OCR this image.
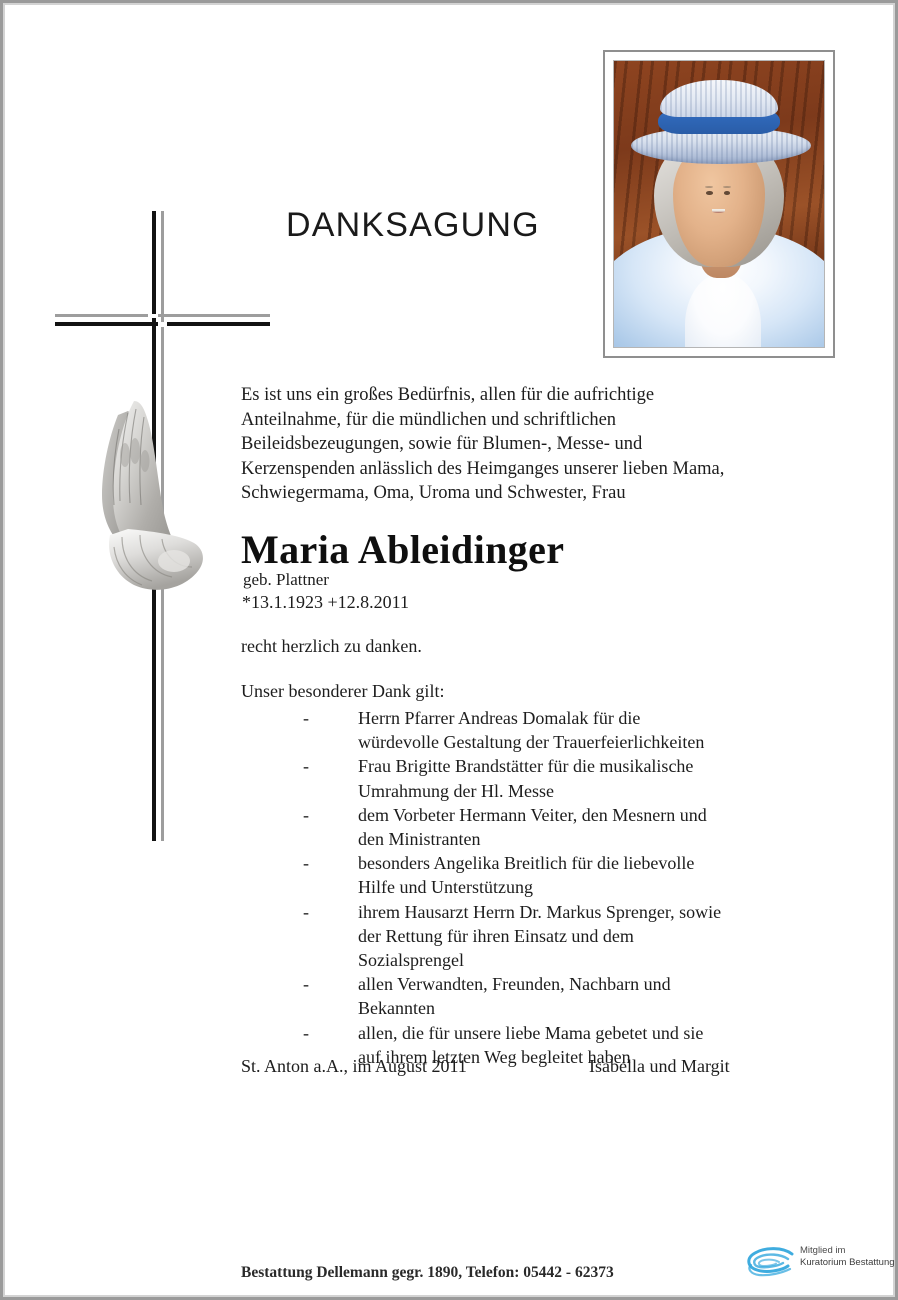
DANKSAGUNG
Es ist uns ein großes Bedürfnis, allen für die aufrichtige
Anteilnahme, für die mündlichen und schriftlichen
Beileidsbezeugungen, sowie für Blumen-, Messe- und
Kerzenspenden anlässlich des Heimganges unserer lieben Mama,
Schwiegermama, Oma, Uroma und Schwester, Frau
Maria Ableidinger
geb. Plattner
*13.1.1923 +12.8.2011
recht herzlich zu danken.
Unser besonderer Dank gilt:
-	Herrn Pfarrer Andreas Domalak für die
würdevolle Gestaltung der Trauerfeierlichkeiten
-	Frau Brigitte Brandstätter für die musikalische
Umrahmung der Hl. Messe
-	dem Vorbeter Hermann Veiter, den Mesnern und
den Ministranten
-	besonders Angelika Breitlich für die liebevolle
Hilfe und Unterstützung
-	ihrem Hausarzt Herrn Dr. Markus Sprenger, sowie
der Rettung für ihren Einsatz und dem
Sozialsprengel
-	allen Verwandten, Freunden, Nachbarn und
Bekannten
-	allen, die für unsere liebe Mama gebetet und sie
auf ihrem letzten Weg begleitet haben
St. Anton a.A., im August 2011	Isabella und Margit
Bestattung Dellemann gegr. 1890, Telefon: 05442 - 62373
Mitglied im
Kuratorium Bestattung
